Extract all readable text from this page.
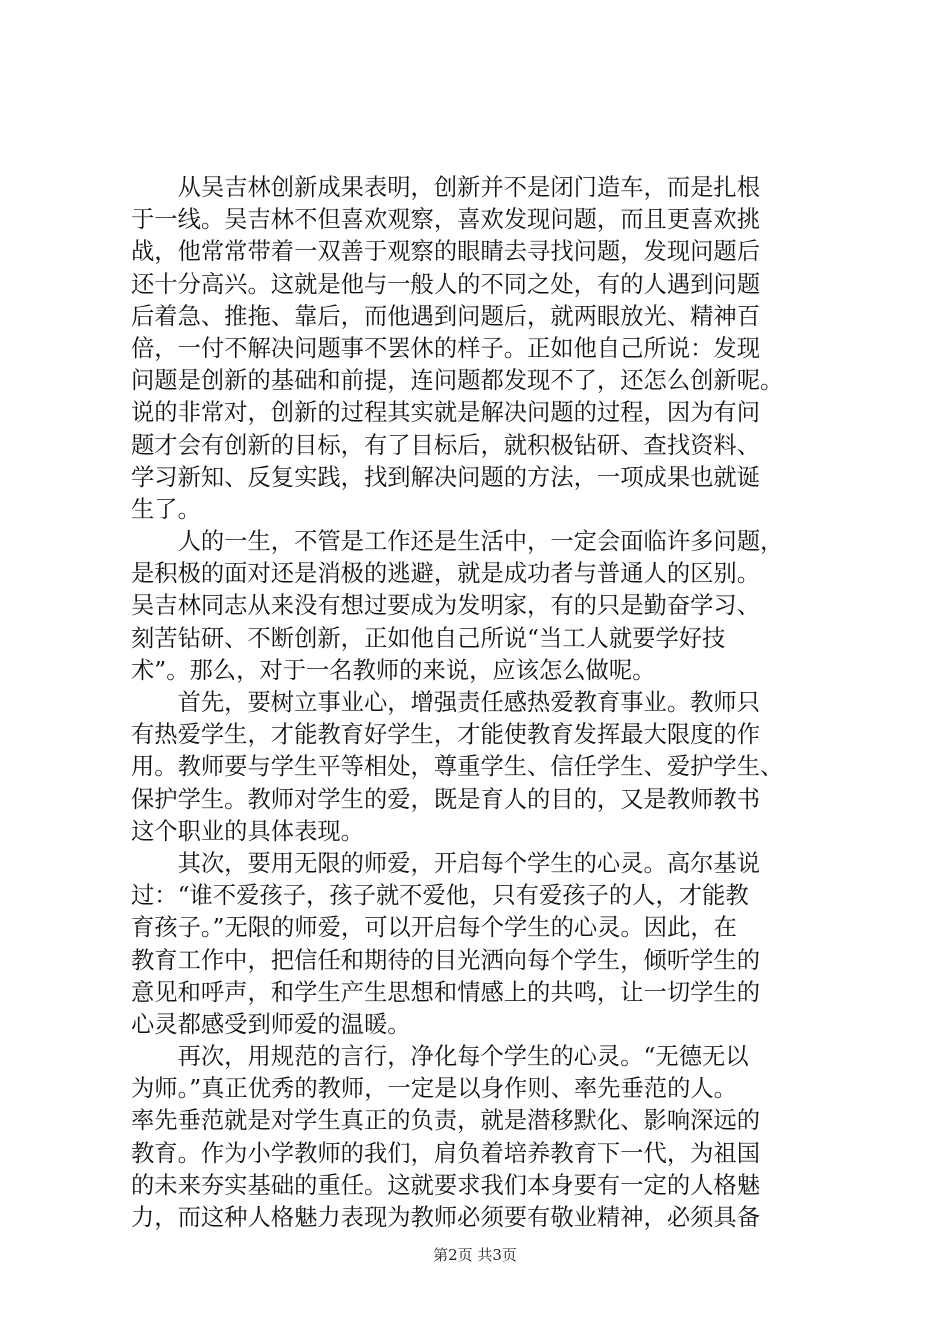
　　从吴吉林创新成果表明，创新并不是闭门造车，而是扎根
于一线。吴吉林不但喜欢观察，喜欢发现问题，而且更喜欢挑
战，他常常带着一双善于观察的眼睛去寻找问题，发现问题后
还十分高兴。这就是他与一般人的不同之处，有的人遇到问题
后着急、推拖、靠后，而他遇到问题后，就两眼放光、精神百
倍，一付不解决问题事不罢休的样子。正如他自己所说：发现
问题是创新的基础和前提，连问题都发现不了，还怎么创新呢。
说的非常对，创新的过程其实就是解决问题的过程，因为有问
题才会有创新的目标，有了目标后，就积极钻研、查找资料、
学习新知、反复实践，找到解决问题的方法，一项成果也就诞
生了。
　　人的一生，不管是工作还是生活中，一定会面临许多问题，
是积极的面对还是消极的逃避，就是成功者与普通人的区别。
吴吉林同志从来没有想过要成为发明家，有的只是勤奋学习、
刻苦钻研、不断创新，正如他自己所说“当工人就要学好技
术”。那么，对于一名教师的来说，应该怎么做呢。
　　首先，要树立事业心，增强责任感热爱教育事业。教师只
有热爱学生，才能教育好学生，才能使教育发挥最大限度的作
用。教师要与学生平等相处，尊重学生、信任学生、爱护学生、
保护学生。教师对学生的爱，既是育人的目的，又是教师教书
这个职业的具体表现。
　　其次，要用无限的师爱，开启每个学生的心灵。高尔基说
过：“谁不爱孩子，孩子就不爱他，只有爱孩子的人，才能教
育孩子。”无限的师爱，可以开启每个学生的心灵。因此，在
教育工作中，把信任和期待的目光洒向每个学生，倾听学生的
意见和呼声，和学生产生思想和情感上的共鸣，让一切学生的
心灵都感受到师爱的温暖。
　　再次，用规范的言行，净化每个学生的心灵。“无德无以
为师。”真正优秀的教师，一定是以身作则、率先垂范的人。
率先垂范就是对学生真正的负责，就是潜移默化、影响深远的
教育。作为小学教师的我们，肩负着培养教育下一代，为祖国
的未来夯实基础的重任。这就要求我们本身要有一定的人格魅
力，而这种人格魅力表现为教师必须要有敬业精神，必须具备
第2页 共3页
